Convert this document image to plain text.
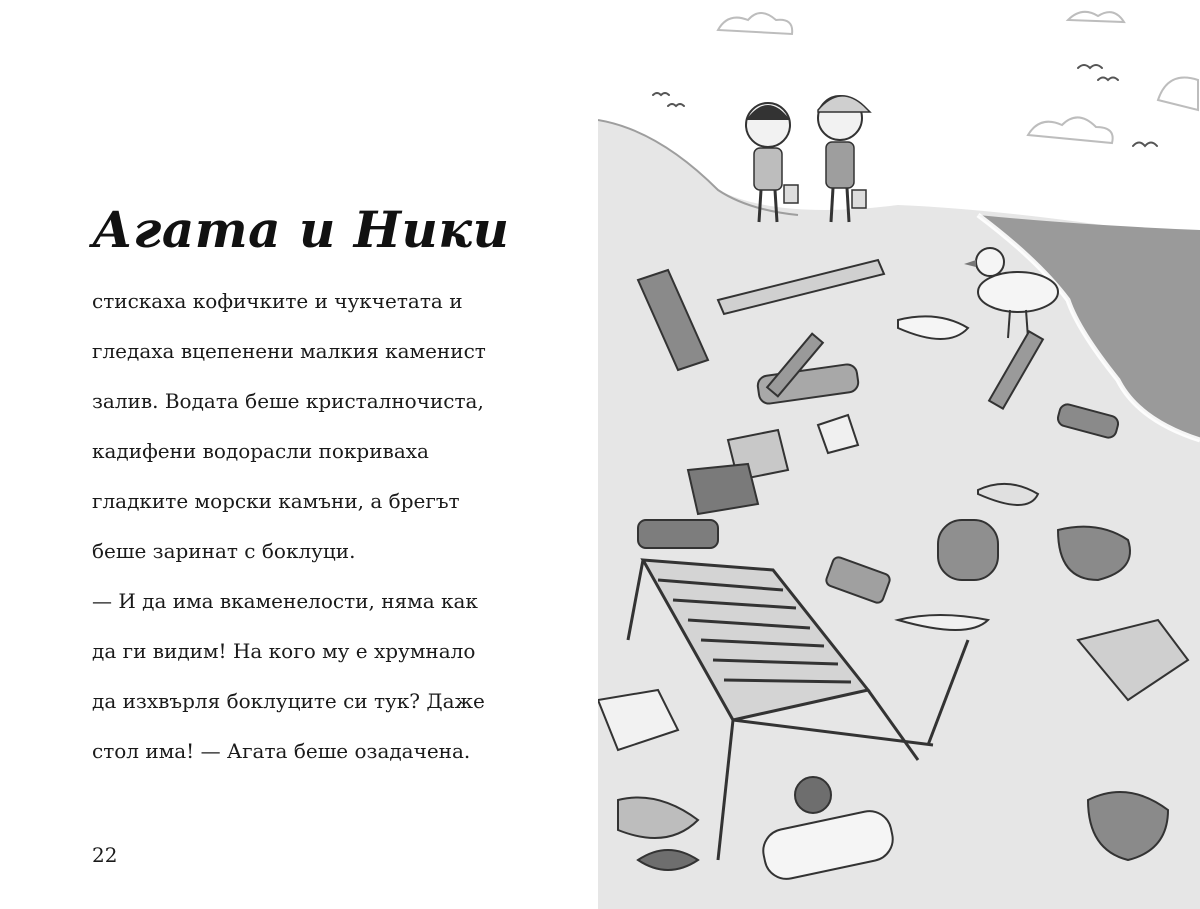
Агата и Ники
стискаха кофичките и чукчетата и
гледаха вцепенени малкия каменист
залив. Водата беше кристалночиста,
кадифени водорасли покриваха
гладките морски камъни, а брегът
беше заринат с боклуци.
— И да има вкаменелости, няма как
да ги видим! На кого му е хрумнало
да изхвърля боклуците си тук? Даже
стол има! — Агата беше озадачена.
22
